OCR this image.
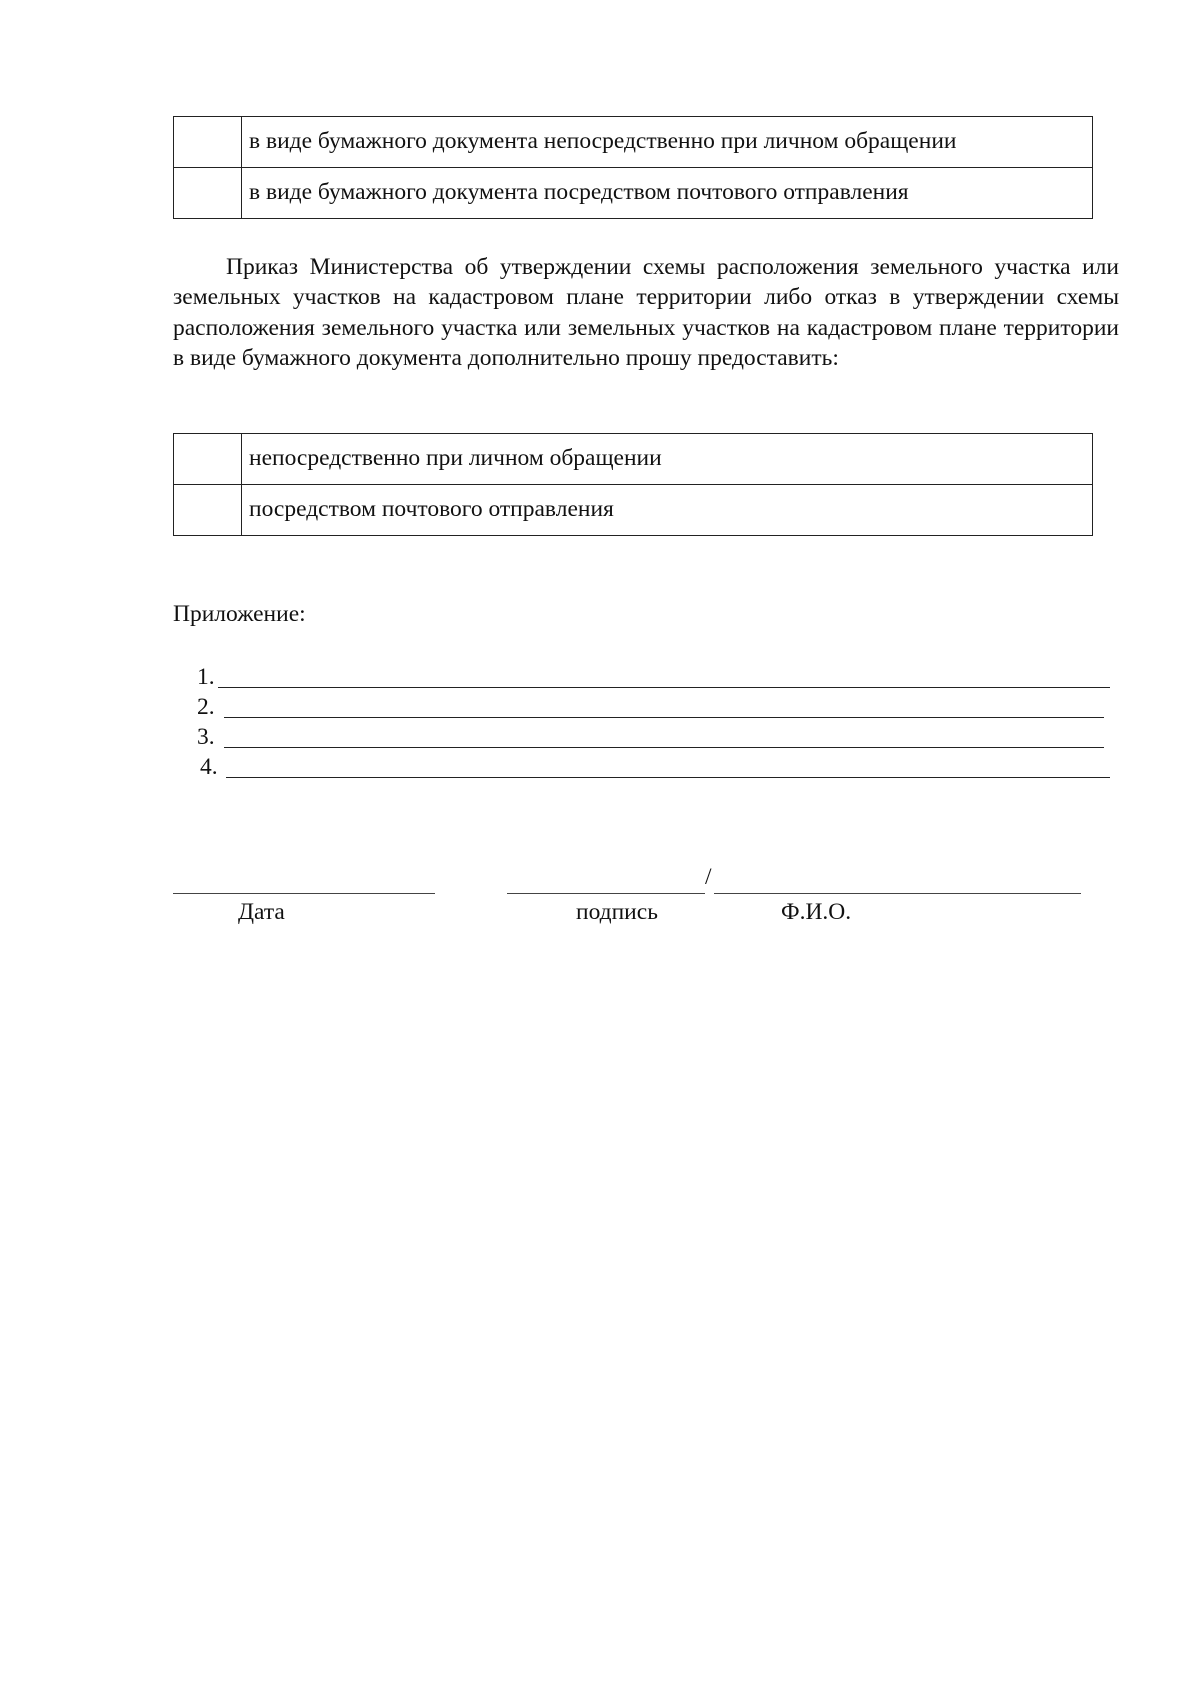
	в виде бумажного документа непосредственно при личном обращении
	в виде бумажного документа посредством почтового отправления

Приказ Министерства об утверждении схемы расположения земельного участка или земельных участков на кадастровом плане территории либо отказ в утверждении схемы расположения земельного участка или земельных участков на кадастровом плане территории в виде бумажного документа дополнительно прошу предоставить:

	непосредственно при личном обращении
	посредством почтового отправления

Приложение:

1.
2.
3.
4.
/
Дата	подпись	Ф.И.О.
